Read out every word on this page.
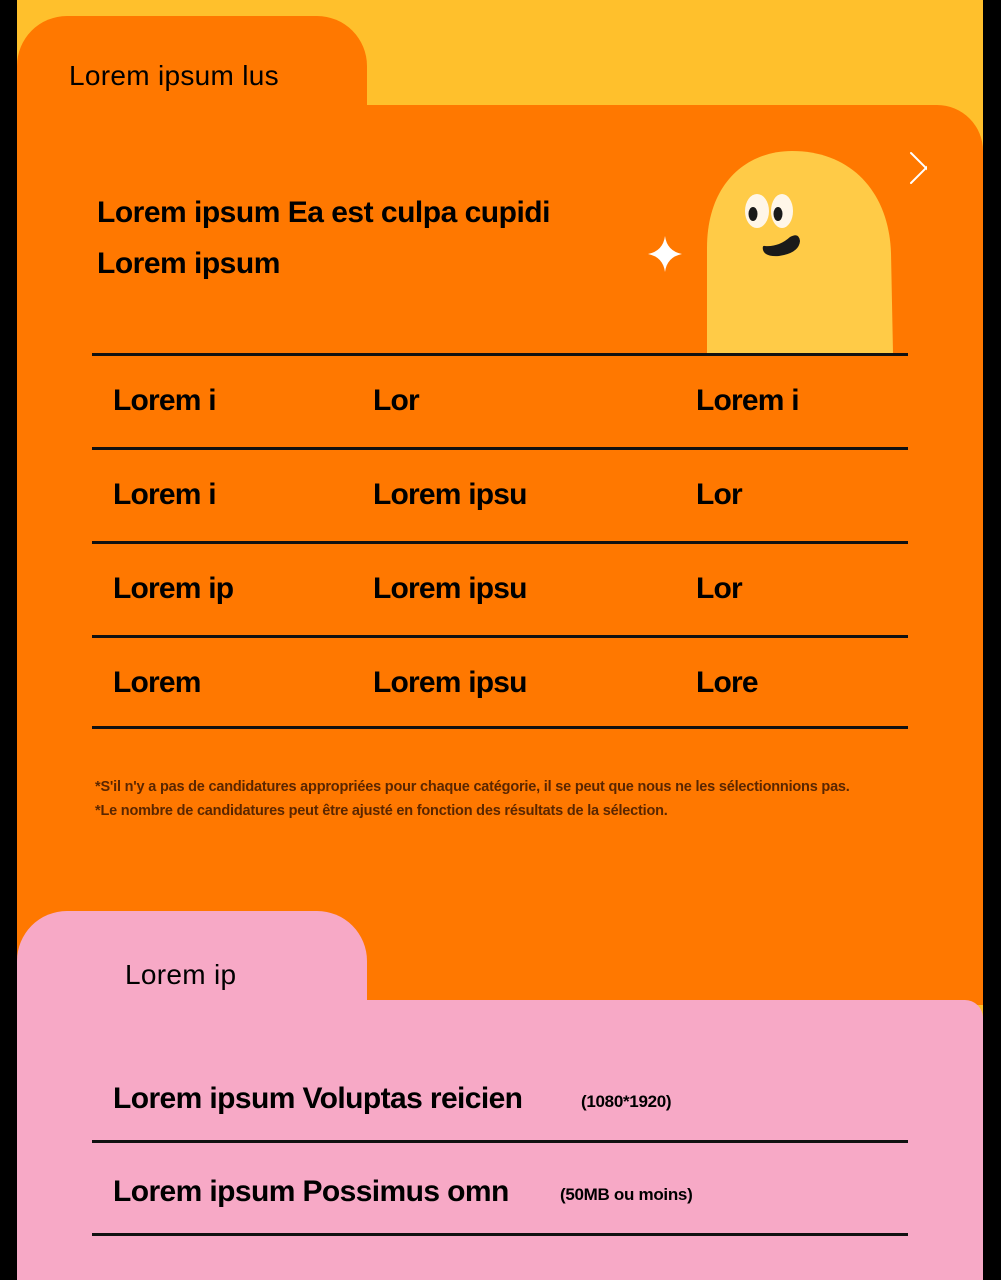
Lorem ipsum lus
Lorem ipsum Ea est culpa cupidi
Lorem ipsum
Lorem i	Lor	Lorem i
Lorem i	Lorem ipsu	Lor
Lorem ip	Lorem ipsu	Lor
Lorem	Lorem ipsu	Lore
*S'il n'y a pas de candidatures appropriées pour chaque catégorie, il se peut que nous ne les sélectionnions pas.
*Le nombre de candidatures peut être ajusté en fonction des résultats de la sélection.
Lorem ip
Lorem ipsum Voluptas reicien	(1080*1920)
Lorem ipsum Possimus omn	(50MB ou moins)
